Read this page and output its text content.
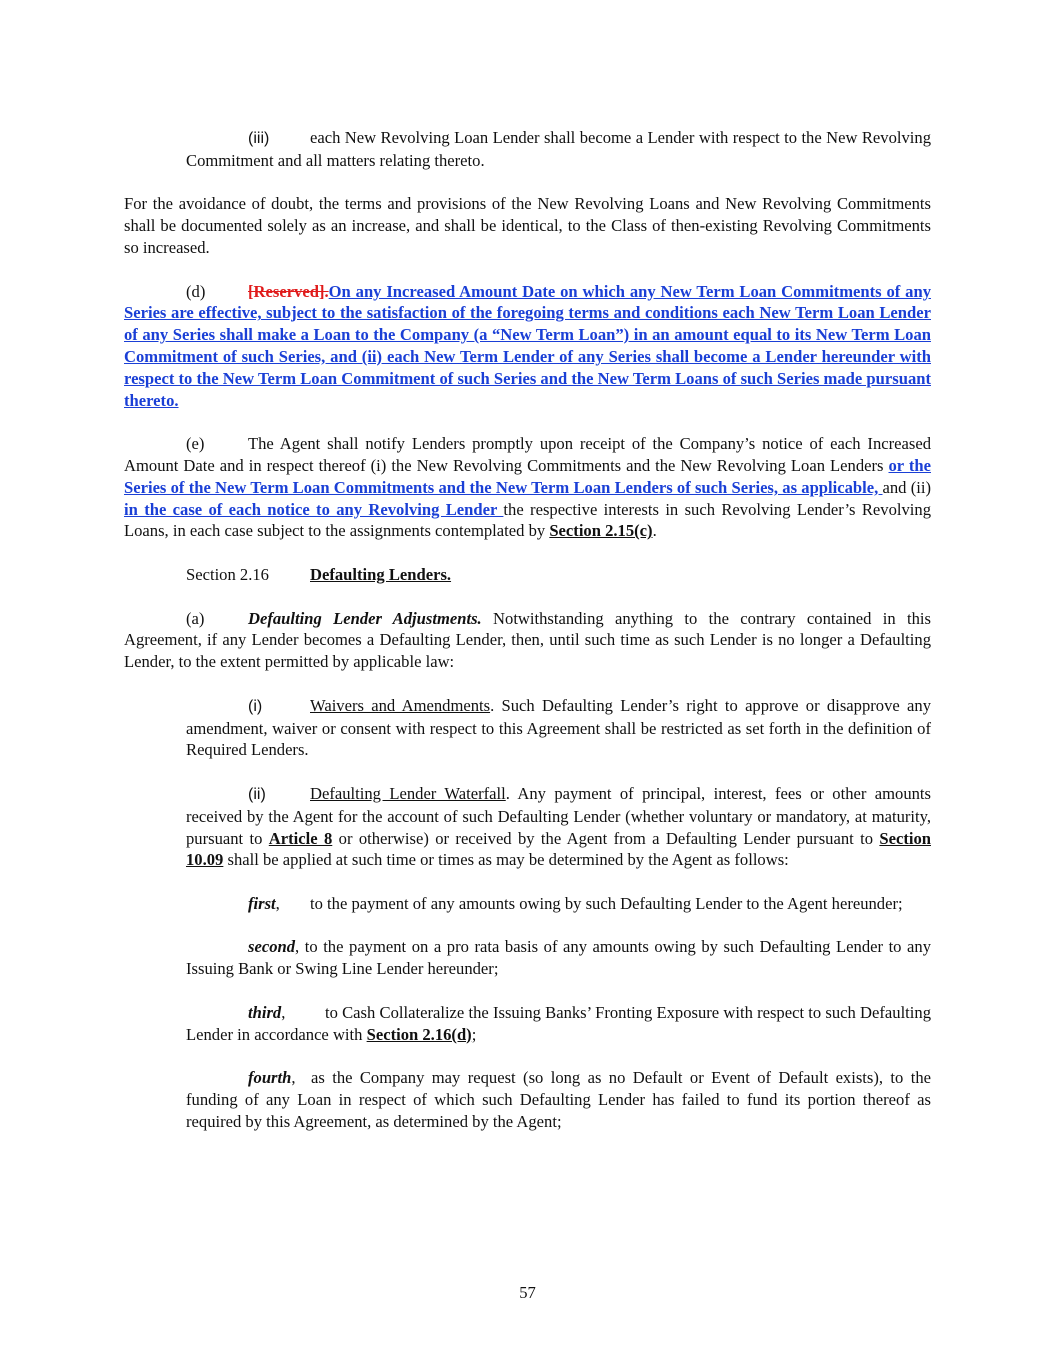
(iii) each New Revolving Loan Lender shall become a Lender with respect to the New Revolving Commitment and all matters relating thereto.

For the avoidance of doubt, the terms and provisions of the New Revolving Loans and New Revolving Commitments shall be documented solely as an increase, and shall be identical, to the Class of then-existing Revolving Commitments so increased.

(d)	[Reserved].On any Increased Amount Date on which any New Term Loan Commitments of any Series are effective, subject to the satisfaction of the foregoing terms and conditions each New Term Loan Lender of any Series shall make a Loan to the Company (a “New Term Loan”) in an amount equal to its New Term Loan Commitment of such Series, and (ii) each New Term Lender of any Series shall become a Lender hereunder with respect to the New Term Loan Commitment of such Series and the New Term Loans of such Series made pursuant thereto.

(e)	The Agent shall notify Lenders promptly upon receipt of the Company’s notice of each Increased Amount Date and in respect thereof (i) the New Revolving Commitments and the New Revolving Loan Lenders or the Series of the New Term Loan Commitments and the New Term Loan Lenders of such Series, as applicable, and (ii) in the case of each notice to any Revolving Lender the respective interests in such Revolving Lender’s Revolving Loans, in each case subject to the assignments contemplated by Section 2.15(c).

Section 2.16 Defaulting Lenders.

(a)	Defaulting Lender Adjustments. Notwithstanding anything to the contrary contained in this Agreement, if any Lender becomes a Defaulting Lender, then, until such time as such Lender is no longer a Defaulting Lender, to the extent permitted by applicable law:

(i)	Waivers and Amendments. Such Defaulting Lender’s right to approve or disapprove any amendment, waiver or consent with respect to this Agreement shall be restricted as set forth in the definition of Required Lenders.

(ii)	Defaulting Lender Waterfall. Any payment of principal, interest, fees or other amounts received by the Agent for the account of such Defaulting Lender (whether voluntary or mandatory, at maturity, pursuant to Article 8 or otherwise) or received by the Agent from a Defaulting Lender pursuant to Section 10.09 shall be applied at such time or times as may be determined by the Agent as follows:

first, to the payment of any amounts owing by such Defaulting Lender to the Agent hereunder;

second, to the payment on a pro rata basis of any amounts owing by such Defaulting Lender to any Issuing Bank or Swing Line Lender hereunder;

third, to Cash Collateralize the Issuing Banks’ Fronting Exposure with respect to such Defaulting Lender in accordance with Section 2.16(d);

fourth, as the Company may request (so long as no Default or Event of Default exists), to the funding of any Loan in respect of which such Defaulting Lender has failed to fund its portion thereof as required by this Agreement, as determined by the Agent;

57
